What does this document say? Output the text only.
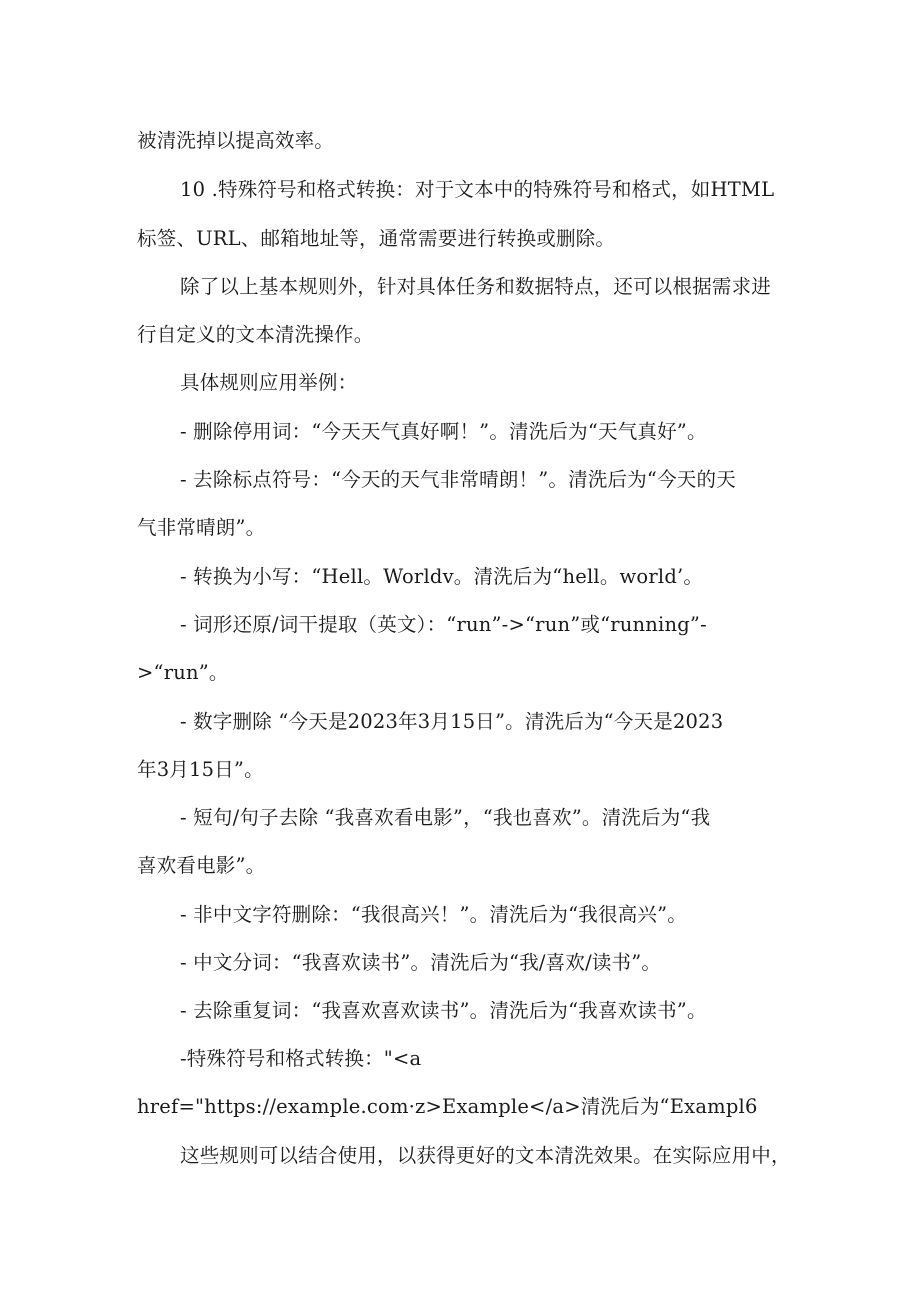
被清洗掉以提高效率。
10 .特殊符号和格式转换：对于文本中的特殊符号和格式，如HTML
标签、URL、邮箱地址等，通常需要进行转换或删除。
除了以上基本规则外，针对具体任务和数据特点，还可以根据需求进
行自定义的文本清洗操作。
具体规则应用举例：
- 删除停用词：“今天天气真好啊！”。清洗后为“天气真好”。
- 去除标点符号：“今天的天气非常晴朗！”。清洗后为“今天的天
气非常晴朗”。
- 转换为小写：“Hell。Worldv。清洗后为“hell。world’。
- 词形还原/词干提取（英文）：“run”->“run”或“running”-
>“run”。
- 数字删除 “今天是2023年3月15日”。清洗后为“今天是2023
年3月15日”。
- 短句/句子去除 “我喜欢看电影”，“我也喜欢”。清洗后为“我
喜欢看电影”。
- 非中文字符删除：“我很高兴！”。清洗后为“我很高兴”。
- 中文分词：“我喜欢读书”。清洗后为“我/喜欢/读书”。
- 去除重复词：“我喜欢喜欢读书”。清洗后为“我喜欢读书”。
-特殊符号和格式转换："<a
href="https://example.com·z>Example</a>清洗后为“Exampl6
这些规则可以结合使用，以获得更好的文本清洗效果。在实际应用中，
